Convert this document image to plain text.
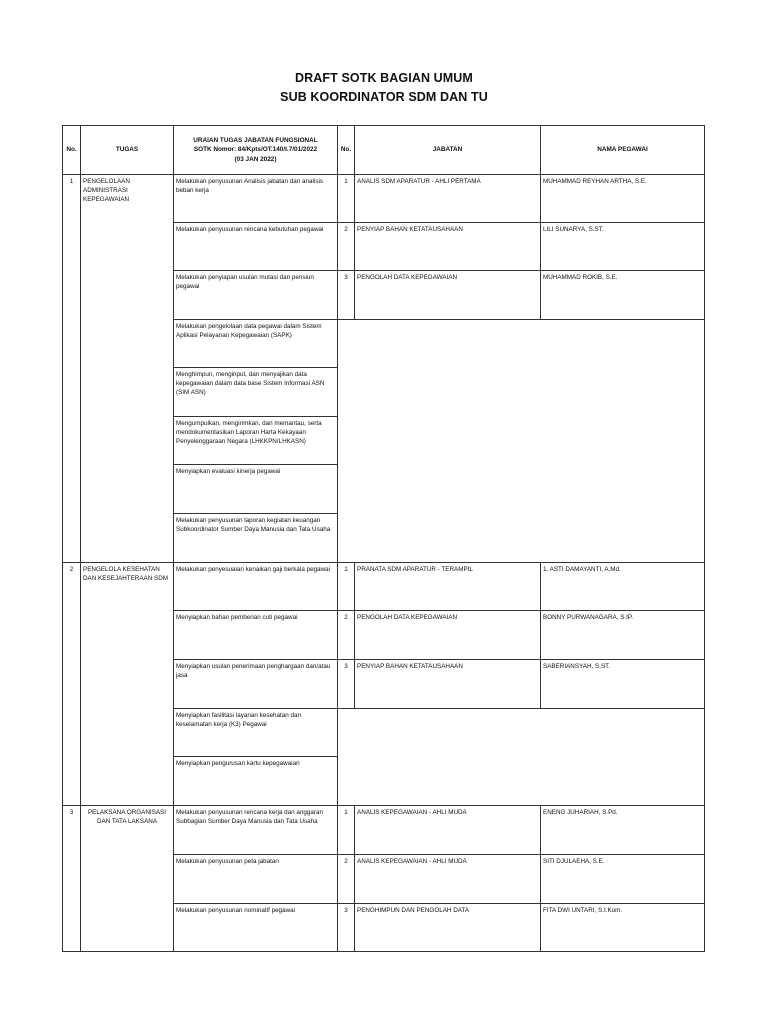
DRAFT SOTK BAGIAN UMUM
SUB KOORDINATOR SDM DAN TU
No.	TUGAS	URAIAN TUGAS JABATAN FUNGSIONAL
SOTK Nomor: 84/Kpts/OT.140/I.7/01/2022
(03 JAN 2022)	No.	JABATAN	NAMA PEGAWAI
1	PENGELOLAAN ADMINISTRASI KEPEGAWAIAN	Melakukan penyusunan Analisis jabatan dan analisis beban kerja	1	ANALIS SDM APARATUR - AHLI PERTAMA	MUHAMMAD REYHAN ARTHA, S.E.
		Melakukan penyusunan rencana kebutuhan pegawai	2	PENYIAP BAHAN KETATAUSAHAAN	LILI SUNARYA, S.ST.
		Melakukan penyiapan usulan mutasi dan pensiun pegawai	3	PENGOLAH DATA KEPEGAWAIAN	MUHAMMAD ROKIB, S.E.
		Melakukan pengelolaan data pegawai dalam Sistem Aplikasi Pelayanan Kepegawaian (SAPK)			
		Menghimpun, menginput, dan menyajikan data kepegawaian dalam data base Sistem Informasi ASN (SIM ASN)			
		Mengumpulkan, mengirimkan, dan memantau, serta mendokumentasikan Laporan Harta Kekayaan Penyelenggaraan Negara (LHKKPN/LHKASN)			
		Menyiapkan evaluasi kinerja pegawai			
		Melakukan penyusunan laporan kegiatan keuangan Subkoordinator Sumber Daya Manusia dan Tata Usaha			
2	PENGELOLA KESEHATAN DAN KESEJAHTERAAN SDM	Melakukan penyesuaian kenaikan gaji berkala pegawai	1	PRANATA SDM APARATUR - TERAMPIL	1. ASTI DAMAYANTI, A.Md.
		Menyiapkan bahan pemberian cuti pegawai	2	PENGOLAH DATA KEPEGAWAIAN	BONNY PURWANAGARA, S.IP.
		Menyiapkan usulan penerimaan penghargaan dan/atau jasa	3	PENYIAP BAHAN KETATAUSAHAAN	SABERIANSYAH, S.ST.
		Menyiapkan fasilitasi layanan kesehatan dan keselamatan kerja (K3) Pegawai			
		Menyiapkan pengurusan kartu kepegawaian			
3	PELAKSANA ORGANISASI DAN TATA LAKSANA	Melakukan penyusunan rencana kerja dan anggaran Subbagian Sumber Daya Manusia dan Tata Usaha	1	ANALIS KEPEGAWAIAN - AHLI MUDA	ENENG JUHARIAH, S.Pd.
		Melakukan penyusunan peta jabatan	2	ANALIS KEPEGAWAIAN - AHLI MUDA	SITI DJULAEHA, S.E.
		Melakukan penyusunan nominatif pegawai	3	PENGHIMPUN DAN PENGOLAH DATA	FITA DWI UNTARI, S.I.Kom.
